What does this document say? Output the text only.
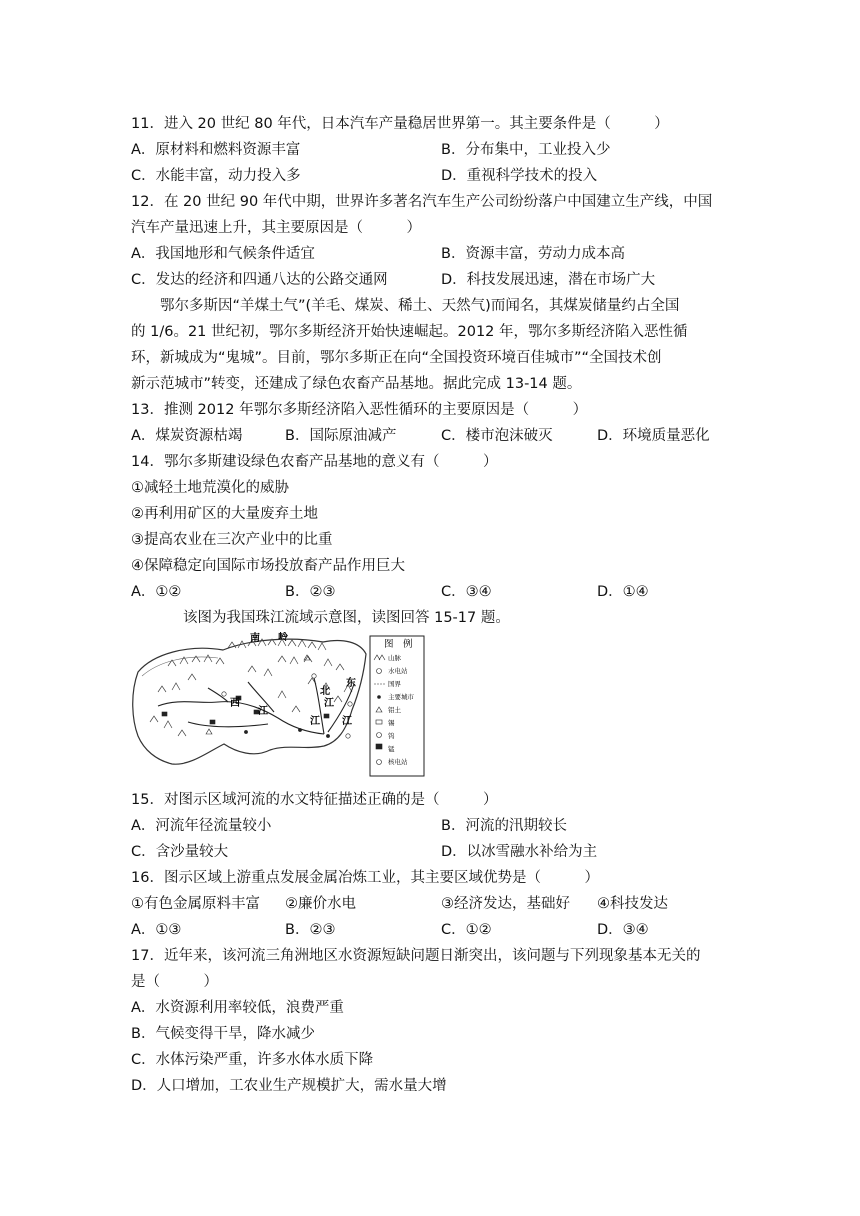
11．进入 20 世纪 80 年代，日本汽车产量稳居世界第一。其主要条件是（　　　）
A．原材料和燃料资源丰富	B．分布集中，工业投入少
C．水能丰富，动力投入多	D．重视科学技术的投入
12．在 20 世纪 90 年代中期，世界许多著名汽车生产公司纷纷落户中国建立生产线，中国
汽车产量迅速上升，其主要原因是（　　　）
A．我国地形和气候条件适宜	B．资源丰富，劳动力成本高
C．发达的经济和四通八达的公路交通网	D．科技发展迅速，潜在市场广大
鄂尔多斯因“羊煤土气”(羊毛、煤炭、稀土、天然气)而闻名，其煤炭储量约占全国
的 1/6。21 世纪初，鄂尔多斯经济开始快速崛起。2012 年，鄂尔多斯经济陷入恶性循
环，新城成为“鬼城”。目前，鄂尔多斯正在向“全国投资环境百佳城市”“全国技术创
新示范城市”转变，还建成了绿色农畜产品基地。据此完成 13-14 题。
13．推测 2012 年鄂尔多斯经济陷入恶性循环的主要原因是（　　　）
A．煤炭资源枯竭	B．国际原油减产	C．楼市泡沫破灭	D．环境质量恶化
14．鄂尔多斯建设绿色农畜产品基地的意义有（　　　）
①减轻土地荒漠化的威胁
②再利用矿区的大量废弃土地
③提高农业在三次产业中的比重
④保障稳定向国际市场投放畜产品作用巨大
A．①②	B．②③	C．③④	D．①④
该图为我国珠江流域示意图，读图回答 15-17 题。
南 岭
西
江
北
江
东
江
图　例
山脉
水电站
国界
主要城市
铝土
锡
钨
锰
核电站
江
15．对图示区域河流的水文特征描述正确的是（　　　）
A．河流年径流量较小	B．河流的汛期较长
C．含沙量较大	D．以冰雪融水补给为主
16．图示区域上游重点发展金属冶炼工业，其主要区域优势是（　　　）
①有色金属原料丰富 ②廉价水电	③经济发达，基础好 ④科技发达
A．①③	B．②③	C．①②	D．③④
17．近年来，该河流三角洲地区水资源短缺问题日渐突出，该问题与下列现象基本无关的
是（　　　）
A．水资源利用率较低，浪费严重
B．气候变得干旱，降水减少
C．水体污染严重，许多水体水质下降
D．人口增加，工农业生产规模扩大，需水量大增
